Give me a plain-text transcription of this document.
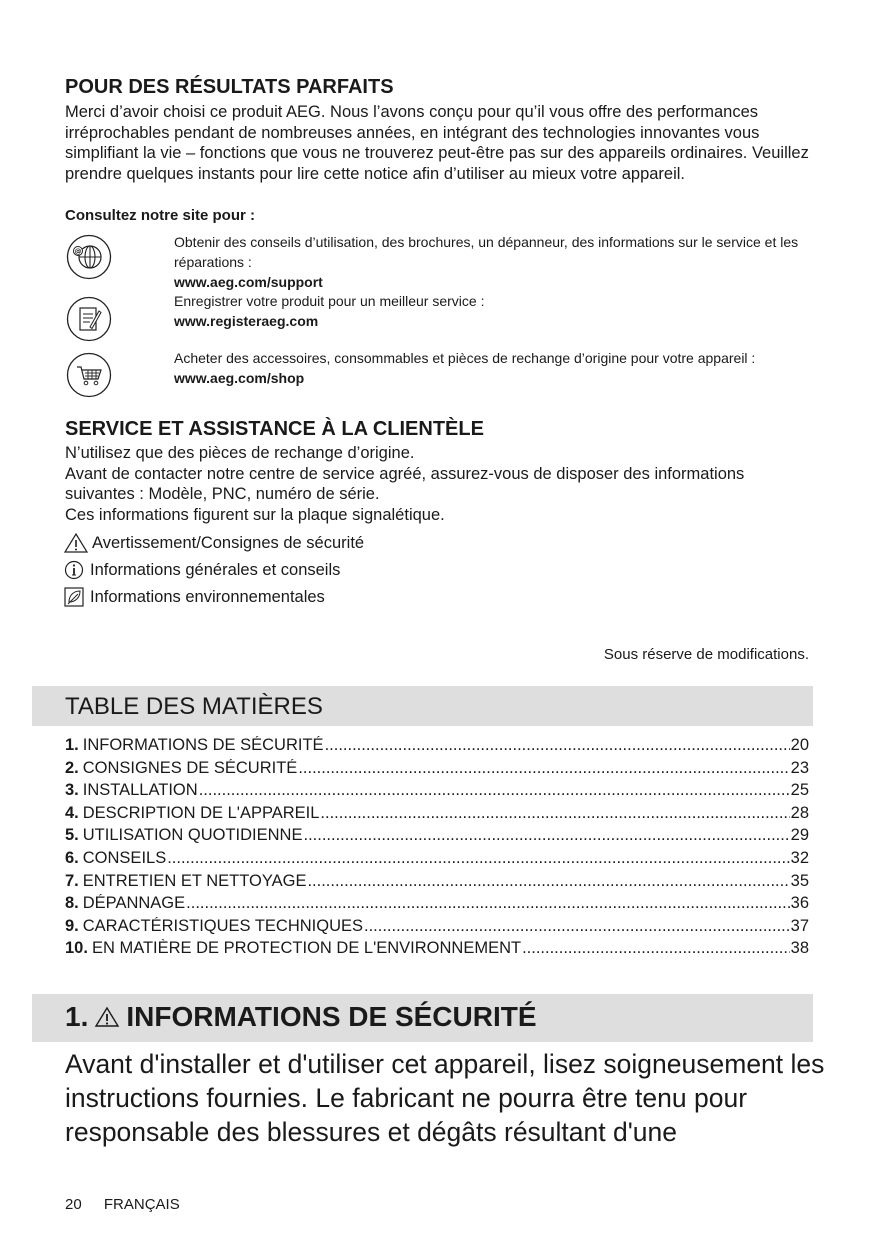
POUR DES RÉSULTATS PARFAITS

Merci d’avoir choisi ce produit AEG. Nous l’avons conçu pour qu’il vous offre des performances irréprochables pendant de nombreuses années, en intégrant des technologies innovantes vous simplifiant la vie – fonctions que vous ne trouverez peut-être pas sur des appareils ordinaires. Veuillez prendre quelques instants pour lire cette notice afin d’utiliser au mieux votre appareil.

Consultez notre site pour :
@
Obtenir des conseils d’utilisation, des brochures, un dépanneur, des informations sur le service et les réparations :
www.aeg.com/support
Enregistrer votre produit pour un meilleur service :
www.registeraeg.com
Acheter des accessoires, consommables et pièces de rechange d’origine pour votre appareil :
www.aeg.com/shop
SERVICE ET ASSISTANCE À LA CLIENTÈLE
N’utilisez que des pièces de rechange d’origine.
Avant de contacter notre centre de service agréé, assurez-vous de disposer des informations suivantes : Modèle, PNC, numéro de série.
Ces informations figurent sur la plaque signalétique.
Avertissement/Consignes de sécurité
Informations générales et conseils
Informations environnementales
Sous réserve de modifications.
TABLE DES MATIÈRES
1. INFORMATIONS DE SÉCURITÉ .....	20
2. CONSIGNES DE SÉCURITÉ .....	23
3. INSTALLATION .....	25
4. DESCRIPTION DE L'APPAREIL .....	28
5. UTILISATION QUOTIDIENNE .....	29
6. CONSEILS .....	32
7. ENTRETIEN ET NETTOYAGE .....	35
8. DÉPANNAGE .....	36
9. CARACTÉRISTIQUES TECHNIQUES .....	37
10. EN MATIÈRE DE PROTECTION DE L'ENVIRONNEMENT .....	38
1. INFORMATIONS DE SÉCURITÉ
Avant d'installer et d'utiliser cet appareil, lisez soigneusement les instructions fournies. Le fabricant ne pourra être tenu pour responsable des blessures et dégâts résultant d'une
20 FRANÇAIS
